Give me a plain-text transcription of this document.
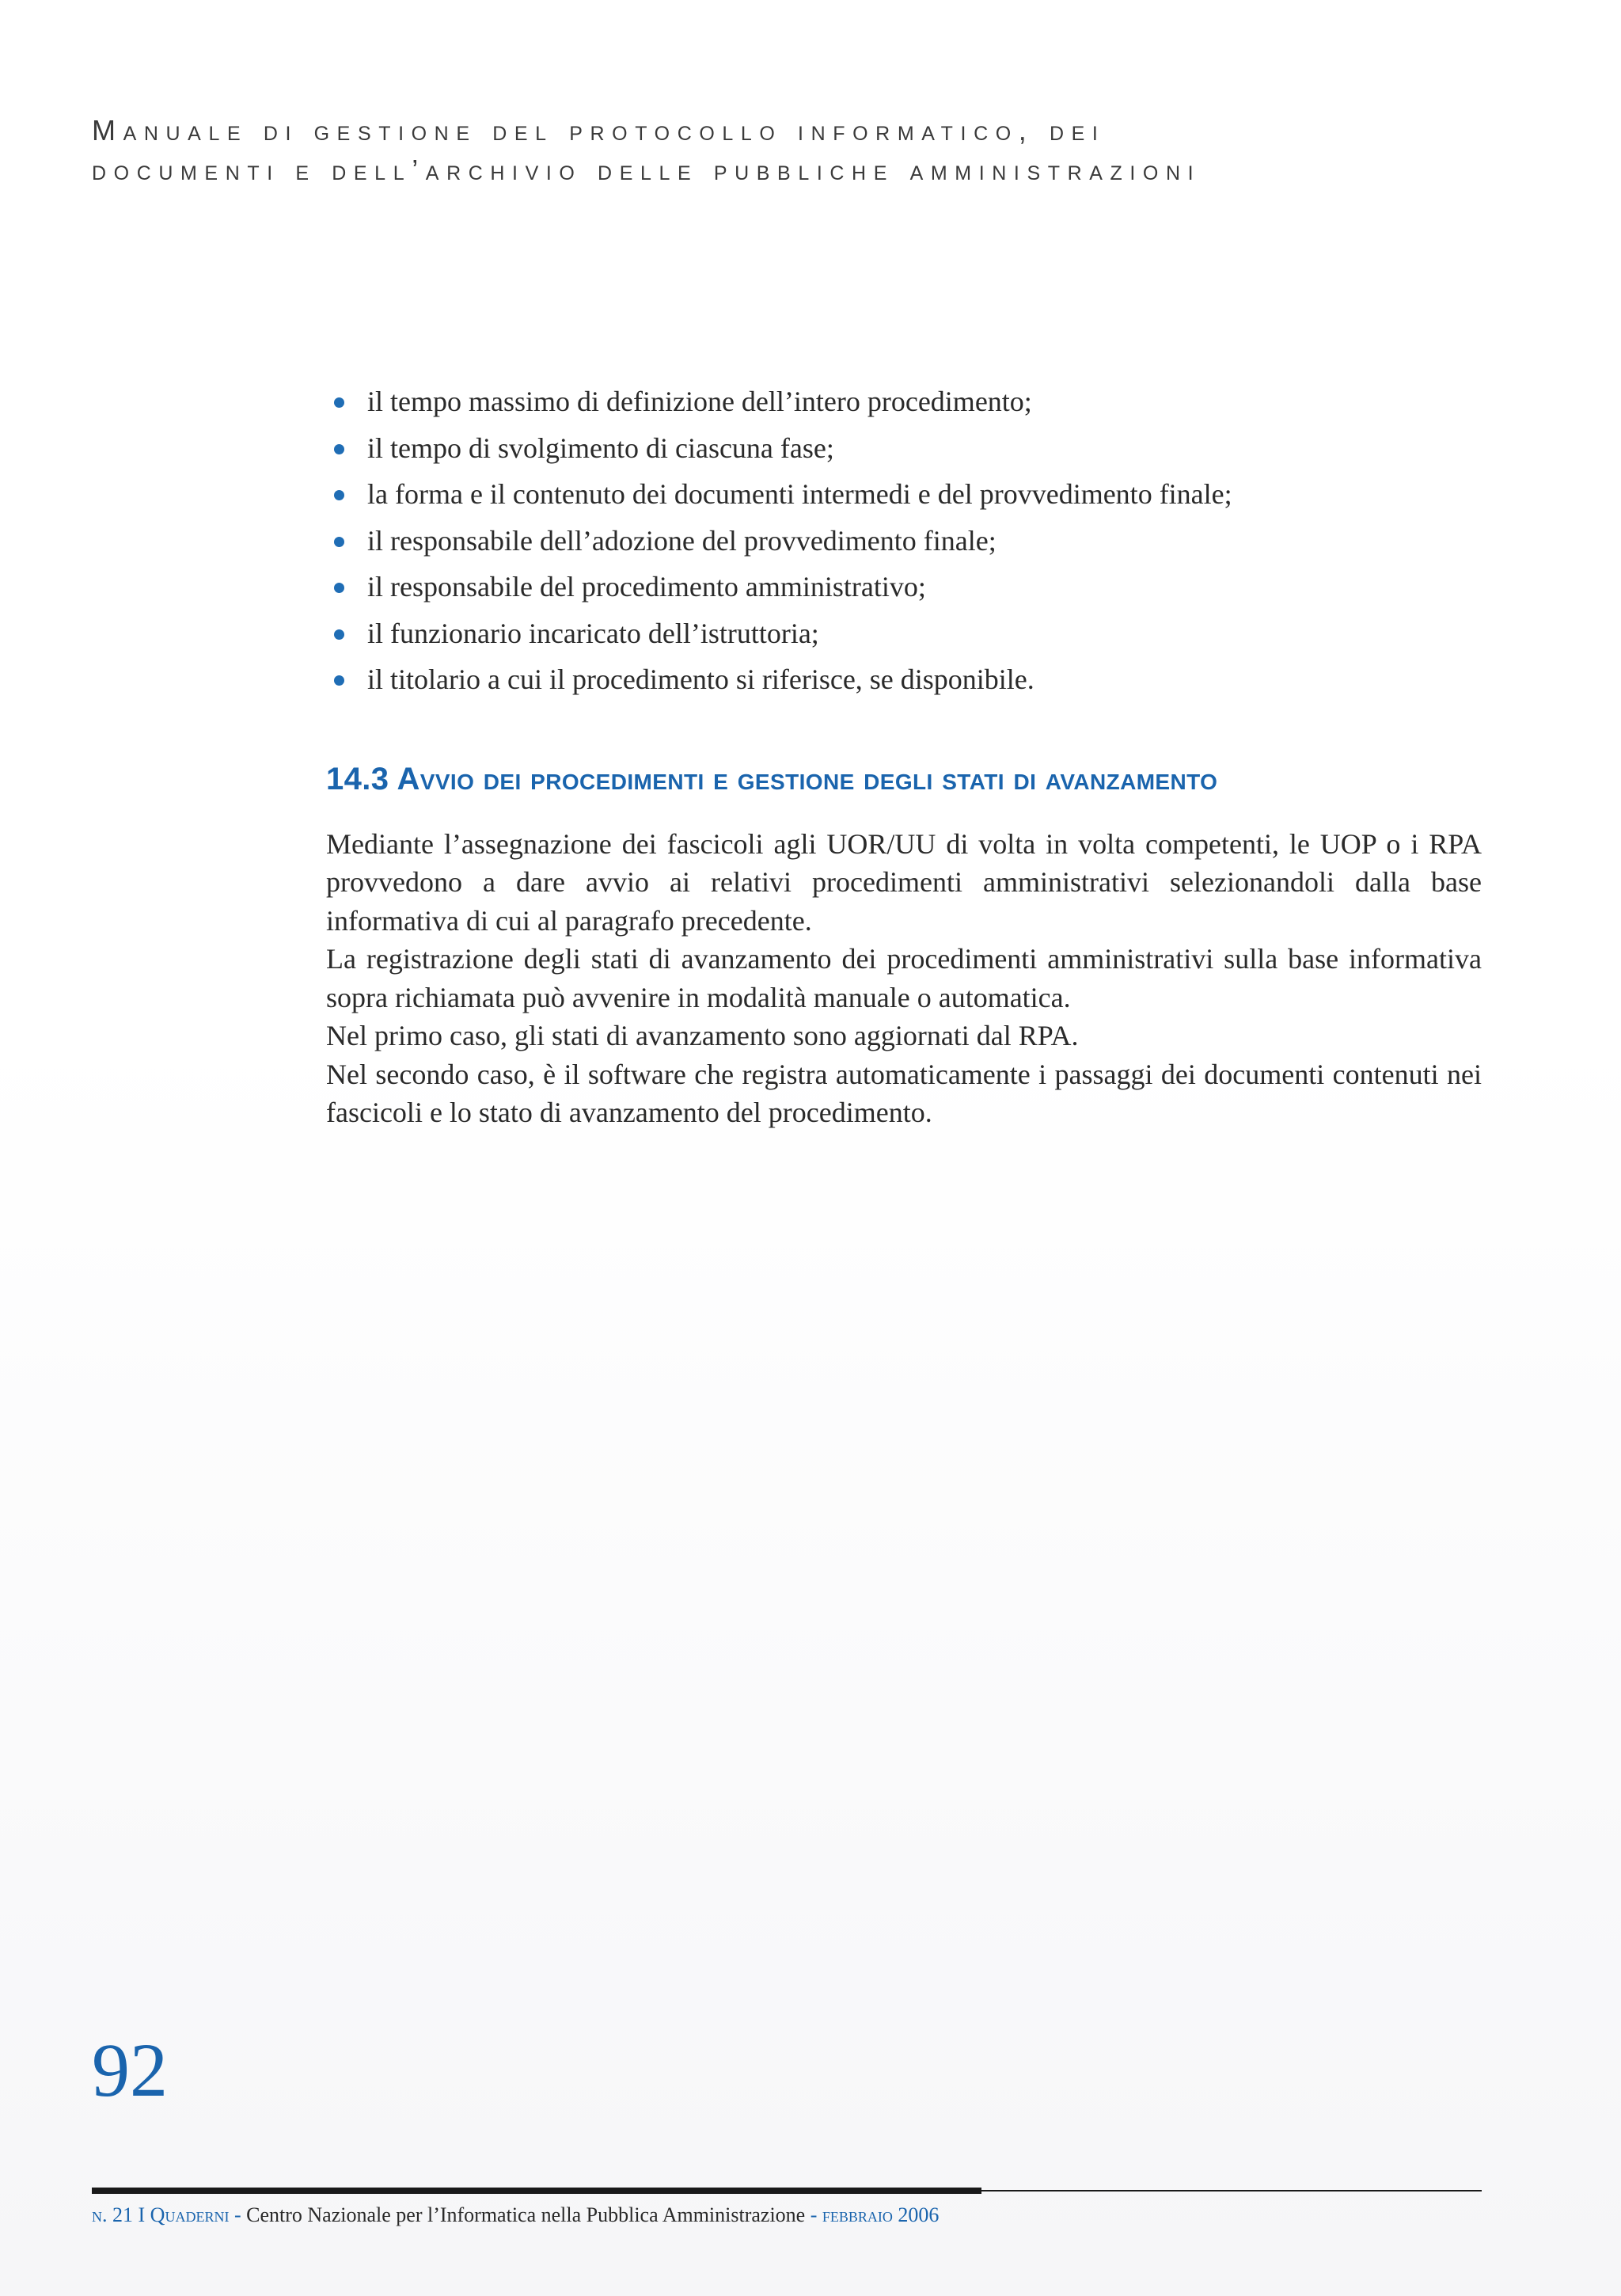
Manuale di gestione del protocollo informatico, dei
documenti e dell’archivio delle pubbliche amministrazioni
il tempo massimo di definizione dell’intero procedimento;
il tempo di svolgimento di ciascuna fase;
la forma e il contenuto dei documenti intermedi e del provvedimento finale;
il responsabile dell’adozione del provvedimento finale;
il responsabile del procedimento amministrativo;
il funzionario incaricato dell’istruttoria;
il titolario a cui il procedimento si riferisce, se disponibile.
14.3 Avvio dei procedimenti e gestione degli stati di avanzamento

Mediante l’assegnazione dei fascicoli agli UOR/UU di volta in volta competenti, le UOP o i RPA provvedono a dare avvio ai relativi procedimenti amministrativi selezionandoli dalla base informativa di cui al paragrafo precedente.

La registrazione degli stati di avanzamento dei procedimenti amministrativi sulla base informativa sopra richiamata può avvenire in modalità manuale o automatica.

Nel primo caso, gli stati di avanzamento sono aggiornati dal RPA.

Nel secondo caso, è il software che registra automaticamente i passaggi dei documenti contenuti nei fascicoli e lo stato di avanzamento del procedimento.

92
n. 21 I Quaderni - Centro Nazionale per l’Informatica nella Pubblica Amministrazione - febbraio 2006
